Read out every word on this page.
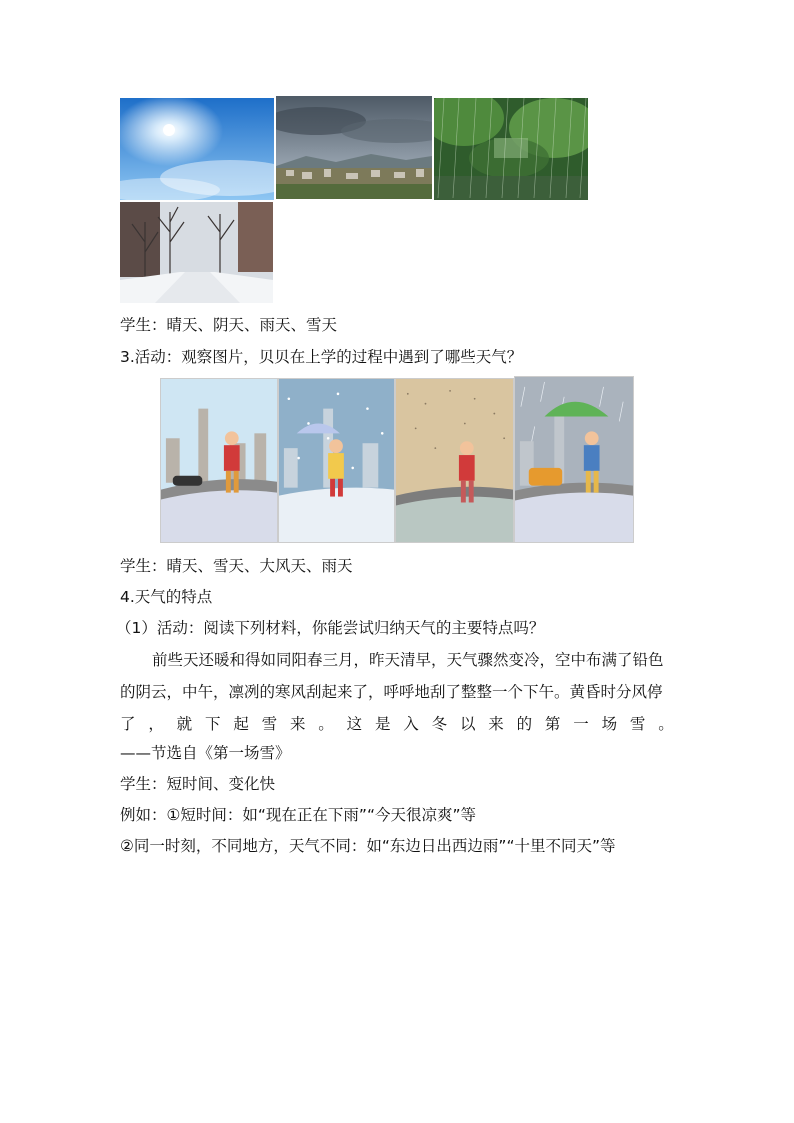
学生：晴天、阴天、雨天、雪天
3.活动：观察图片，贝贝在上学的过程中遇到了哪些天气？
学生：晴天、雪天、大风天、雨天
4.天气的特点
（1）活动：阅读下列材料，你能尝试归纳天气的主要特点吗？
前些天还暖和得如同阳春三月，昨天清早，天气骤然变冷，空中布满了铅色
的阴云，中午，凛冽的寒风刮起来了，呼呼地刮了整整一个下午。黄昏时分风停
了 ， 就 下 起 雪 来 。 这 是 入 冬 以 来 的 第 一 场 雪 。
——节选自《第一场雪》
学生：短时间、变化快
例如：①短时间：如“现在正在下雨”“今天很凉爽”等
②同一时刻，不同地方，天气不同：如“东边日出西边雨”“十里不同天”等
